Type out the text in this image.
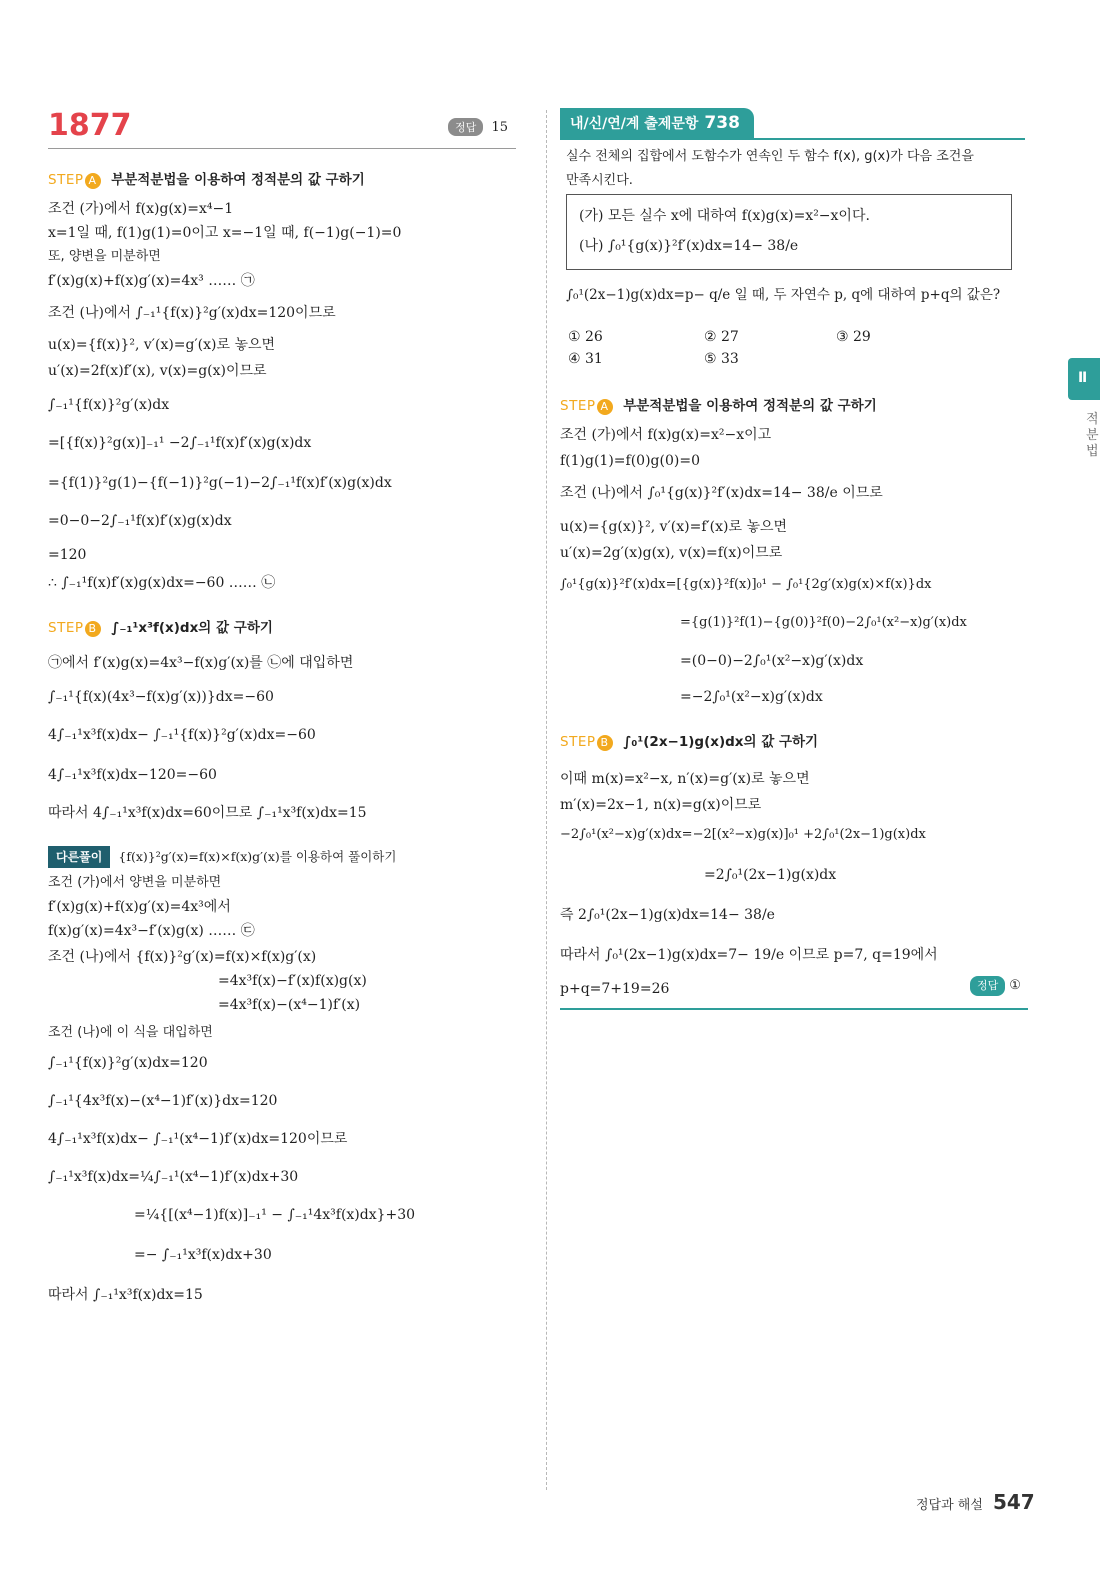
1877	정답 15
STEP A 부분적분법을 이용하여 정적분의 값 구하기
조건 (가)에서 f(x)g(x)=x⁴−1
x=1일 때, f(1)g(1)=0이고 x=−1일 때, f(−1)g(−1)=0
또, 양변을 미분하면
f′(x)g(x)+f(x)g′(x)=4x³ …… ㉠
조건 (나)에서 ∫₋₁¹{f(x)}²g′(x)dx=120이므로
u(x)={f(x)}², v′(x)=g′(x)로 놓으면
u′(x)=2f(x)f′(x), v(x)=g(x)이므로
∫₋₁¹{f(x)}²g′(x)dx
=[{f(x)}²g(x)]₋₁¹ −2∫₋₁¹f(x)f′(x)g(x)dx
={f(1)}²g(1)−{f(−1)}²g(−1)−2∫₋₁¹f(x)f′(x)g(x)dx
=0−0−2∫₋₁¹f(x)f′(x)g(x)dx
=120
∴ ∫₋₁¹f(x)f′(x)g(x)dx=−60 …… ㉡
STEP B ∫₋₁¹x³f(x)dx의 값 구하기
㉠에서 f′(x)g(x)=4x³−f(x)g′(x)를 ㉡에 대입하면
∫₋₁¹{f(x)(4x³−f(x)g′(x))}dx=−60
4∫₋₁¹x³f(x)dx− ∫₋₁¹{f(x)}²g′(x)dx=−60
4∫₋₁¹x³f(x)dx−120=−60
따라서 4∫₋₁¹x³f(x)dx=60이므로 ∫₋₁¹x³f(x)dx=15
다른풀이 {f(x)}²g′(x)=f(x)×f(x)g′(x)를 이용하여 풀이하기
조건 (가)에서 양변을 미분하면
f′(x)g(x)+f(x)g′(x)=4x³에서
f(x)g′(x)=4x³−f′(x)g(x) …… ㉢
조건 (나)에서 {f(x)}²g′(x)=f(x)×f(x)g′(x)
=4x³f(x)−f′(x)f(x)g(x)
=4x³f(x)−(x⁴−1)f′(x)
조건 (나)에 이 식을 대입하면
∫₋₁¹{f(x)}²g′(x)dx=120
∫₋₁¹{4x³f(x)−(x⁴−1)f′(x)}dx=120
4∫₋₁¹x³f(x)dx− ∫₋₁¹(x⁴−1)f′(x)dx=120이므로
∫₋₁¹x³f(x)dx=¼∫₋₁¹(x⁴−1)f′(x)dx+30
=¼{[(x⁴−1)f(x)]₋₁¹ − ∫₋₁¹4x³f(x)dx}+30
=− ∫₋₁¹x³f(x)dx+30
따라서 ∫₋₁¹x³f(x)dx=15
내/신/연/계 출제문항 738
실수 전체의 집합에서 도함수가 연속인 두 함수 f(x), g(x)가 다음 조건을
만족시킨다.
(가) 모든 실수 x에 대하여 f(x)g(x)=x²−x이다.
(나) ∫₀¹{g(x)}²f′(x)dx=14− 38/e
∫₀¹(2x−1)g(x)dx=p− q/e 일 때, 두 자연수 p, q에 대하여 p+q의 값은?
① 26	② 27	③ 29
④ 31	⑤ 33
STEP A 부분적분법을 이용하여 정적분의 값 구하기
조건 (가)에서 f(x)g(x)=x²−x이고
f(1)g(1)=f(0)g(0)=0
조건 (나)에서 ∫₀¹{g(x)}²f′(x)dx=14− 38/e 이므로
u(x)={g(x)}², v′(x)=f′(x)로 놓으면
u′(x)=2g′(x)g(x), v(x)=f(x)이므로
∫₀¹{g(x)}²f′(x)dx=[{g(x)}²f(x)]₀¹ − ∫₀¹{2g′(x)g(x)×f(x)}dx
={g(1)}²f(1)−{g(0)}²f(0)−2∫₀¹(x²−x)g′(x)dx
=(0−0)−2∫₀¹(x²−x)g′(x)dx
=−2∫₀¹(x²−x)g′(x)dx
STEP B ∫₀¹(2x−1)g(x)dx의 값 구하기
이때 m(x)=x²−x, n′(x)=g′(x)로 놓으면
m′(x)=2x−1, n(x)=g(x)이므로
−2∫₀¹(x²−x)g′(x)dx=−2[(x²−x)g(x)]₀¹ +2∫₀¹(2x−1)g(x)dx
=2∫₀¹(2x−1)g(x)dx
즉 2∫₀¹(2x−1)g(x)dx=14− 38/e
따라서 ∫₀¹(2x−1)g(x)dx=7− 19/e 이므로 p=7, q=19에서
p+q=7+19=26	정답 ①
Ⅱ
적분법
정답과 해설 547
